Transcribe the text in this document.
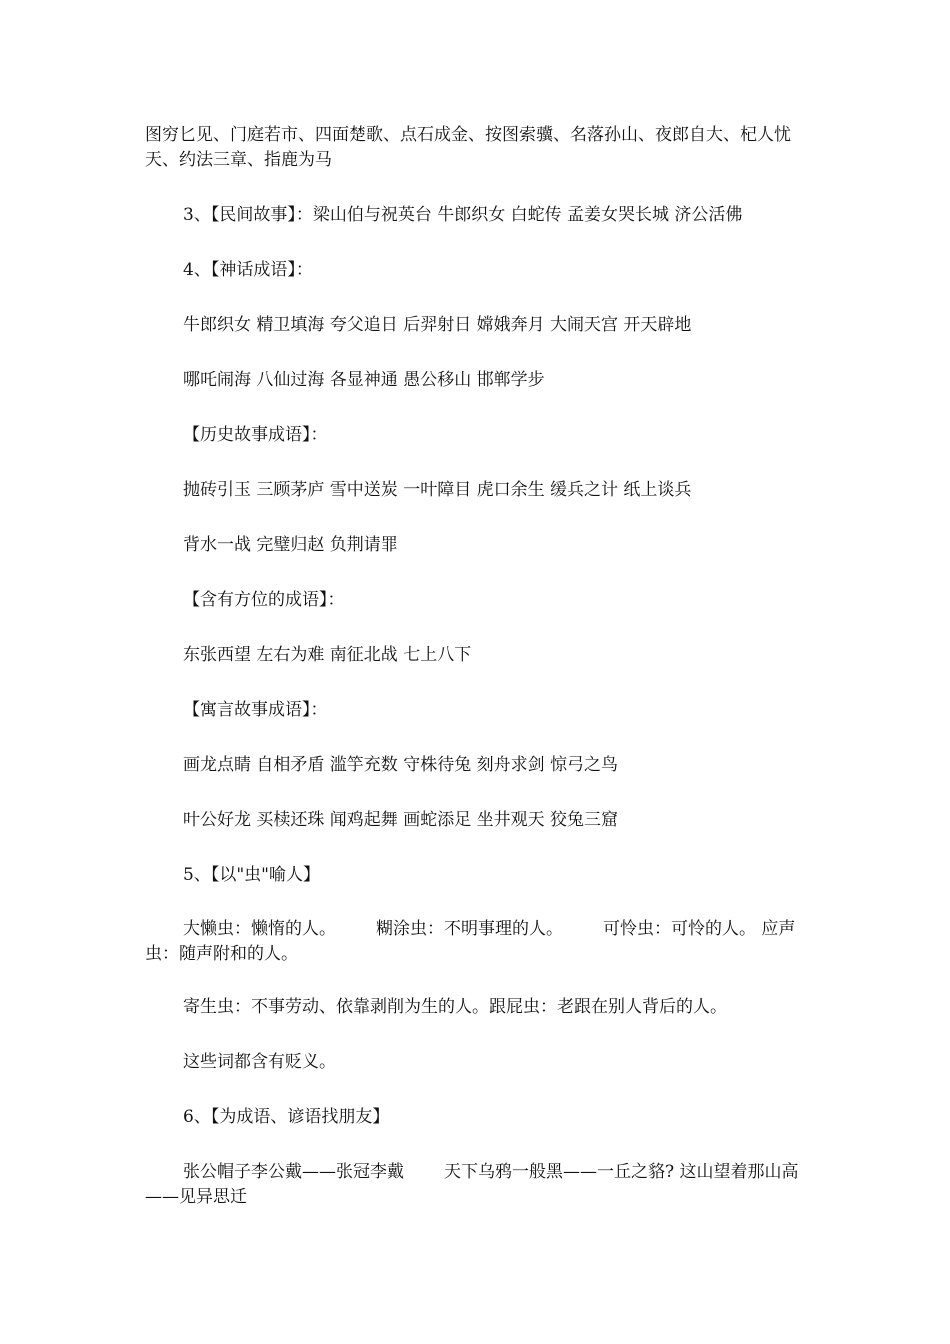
图穷匕见、门庭若市、四面楚歌、点石成金、按图索骥、名落孙山、夜郎自大、杞人忧天、约法三章、指鹿为马

3、【民间故事】：梁山伯与祝英台 牛郎织女 白蛇传 孟姜女哭长城 济公活佛

4、【神话成语】：

牛郎织女 精卫填海 夸父追日 后羿射日 嫦娥奔月 大闹天宫 开天辟地

哪吒闹海 八仙过海 各显神通 愚公移山 邯郸学步

【历史故事成语】：

抛砖引玉 三顾茅庐 雪中送炭 一叶障目 虎口余生 缓兵之计 纸上谈兵

背水一战 完璧归赵 负荆请罪

【含有方位的成语】：

东张西望 左右为难 南征北战 七上八下

【寓言故事成语】：

画龙点睛 自相矛盾 滥竽充数 守株待兔 刻舟求剑 惊弓之鸟

叶公好龙 买椟还珠 闻鸡起舞 画蛇添足 坐井观天 狡兔三窟

5、【以"虫"喻人】

大懒虫：懒惰的人。 糊涂虫：不明事理的人。 可怜虫：可怜的人。 应声虫：随声附和的人。

寄生虫：不事劳动、依靠剥削为生的人。跟屁虫：老跟在别人背后的人。

这些词都含有贬义。

6、【为成语、谚语找朋友】

张公帽子李公戴——张冠李戴 天下乌鸦一般黑——一丘之貉? 这山望着那山高——见异思迁
